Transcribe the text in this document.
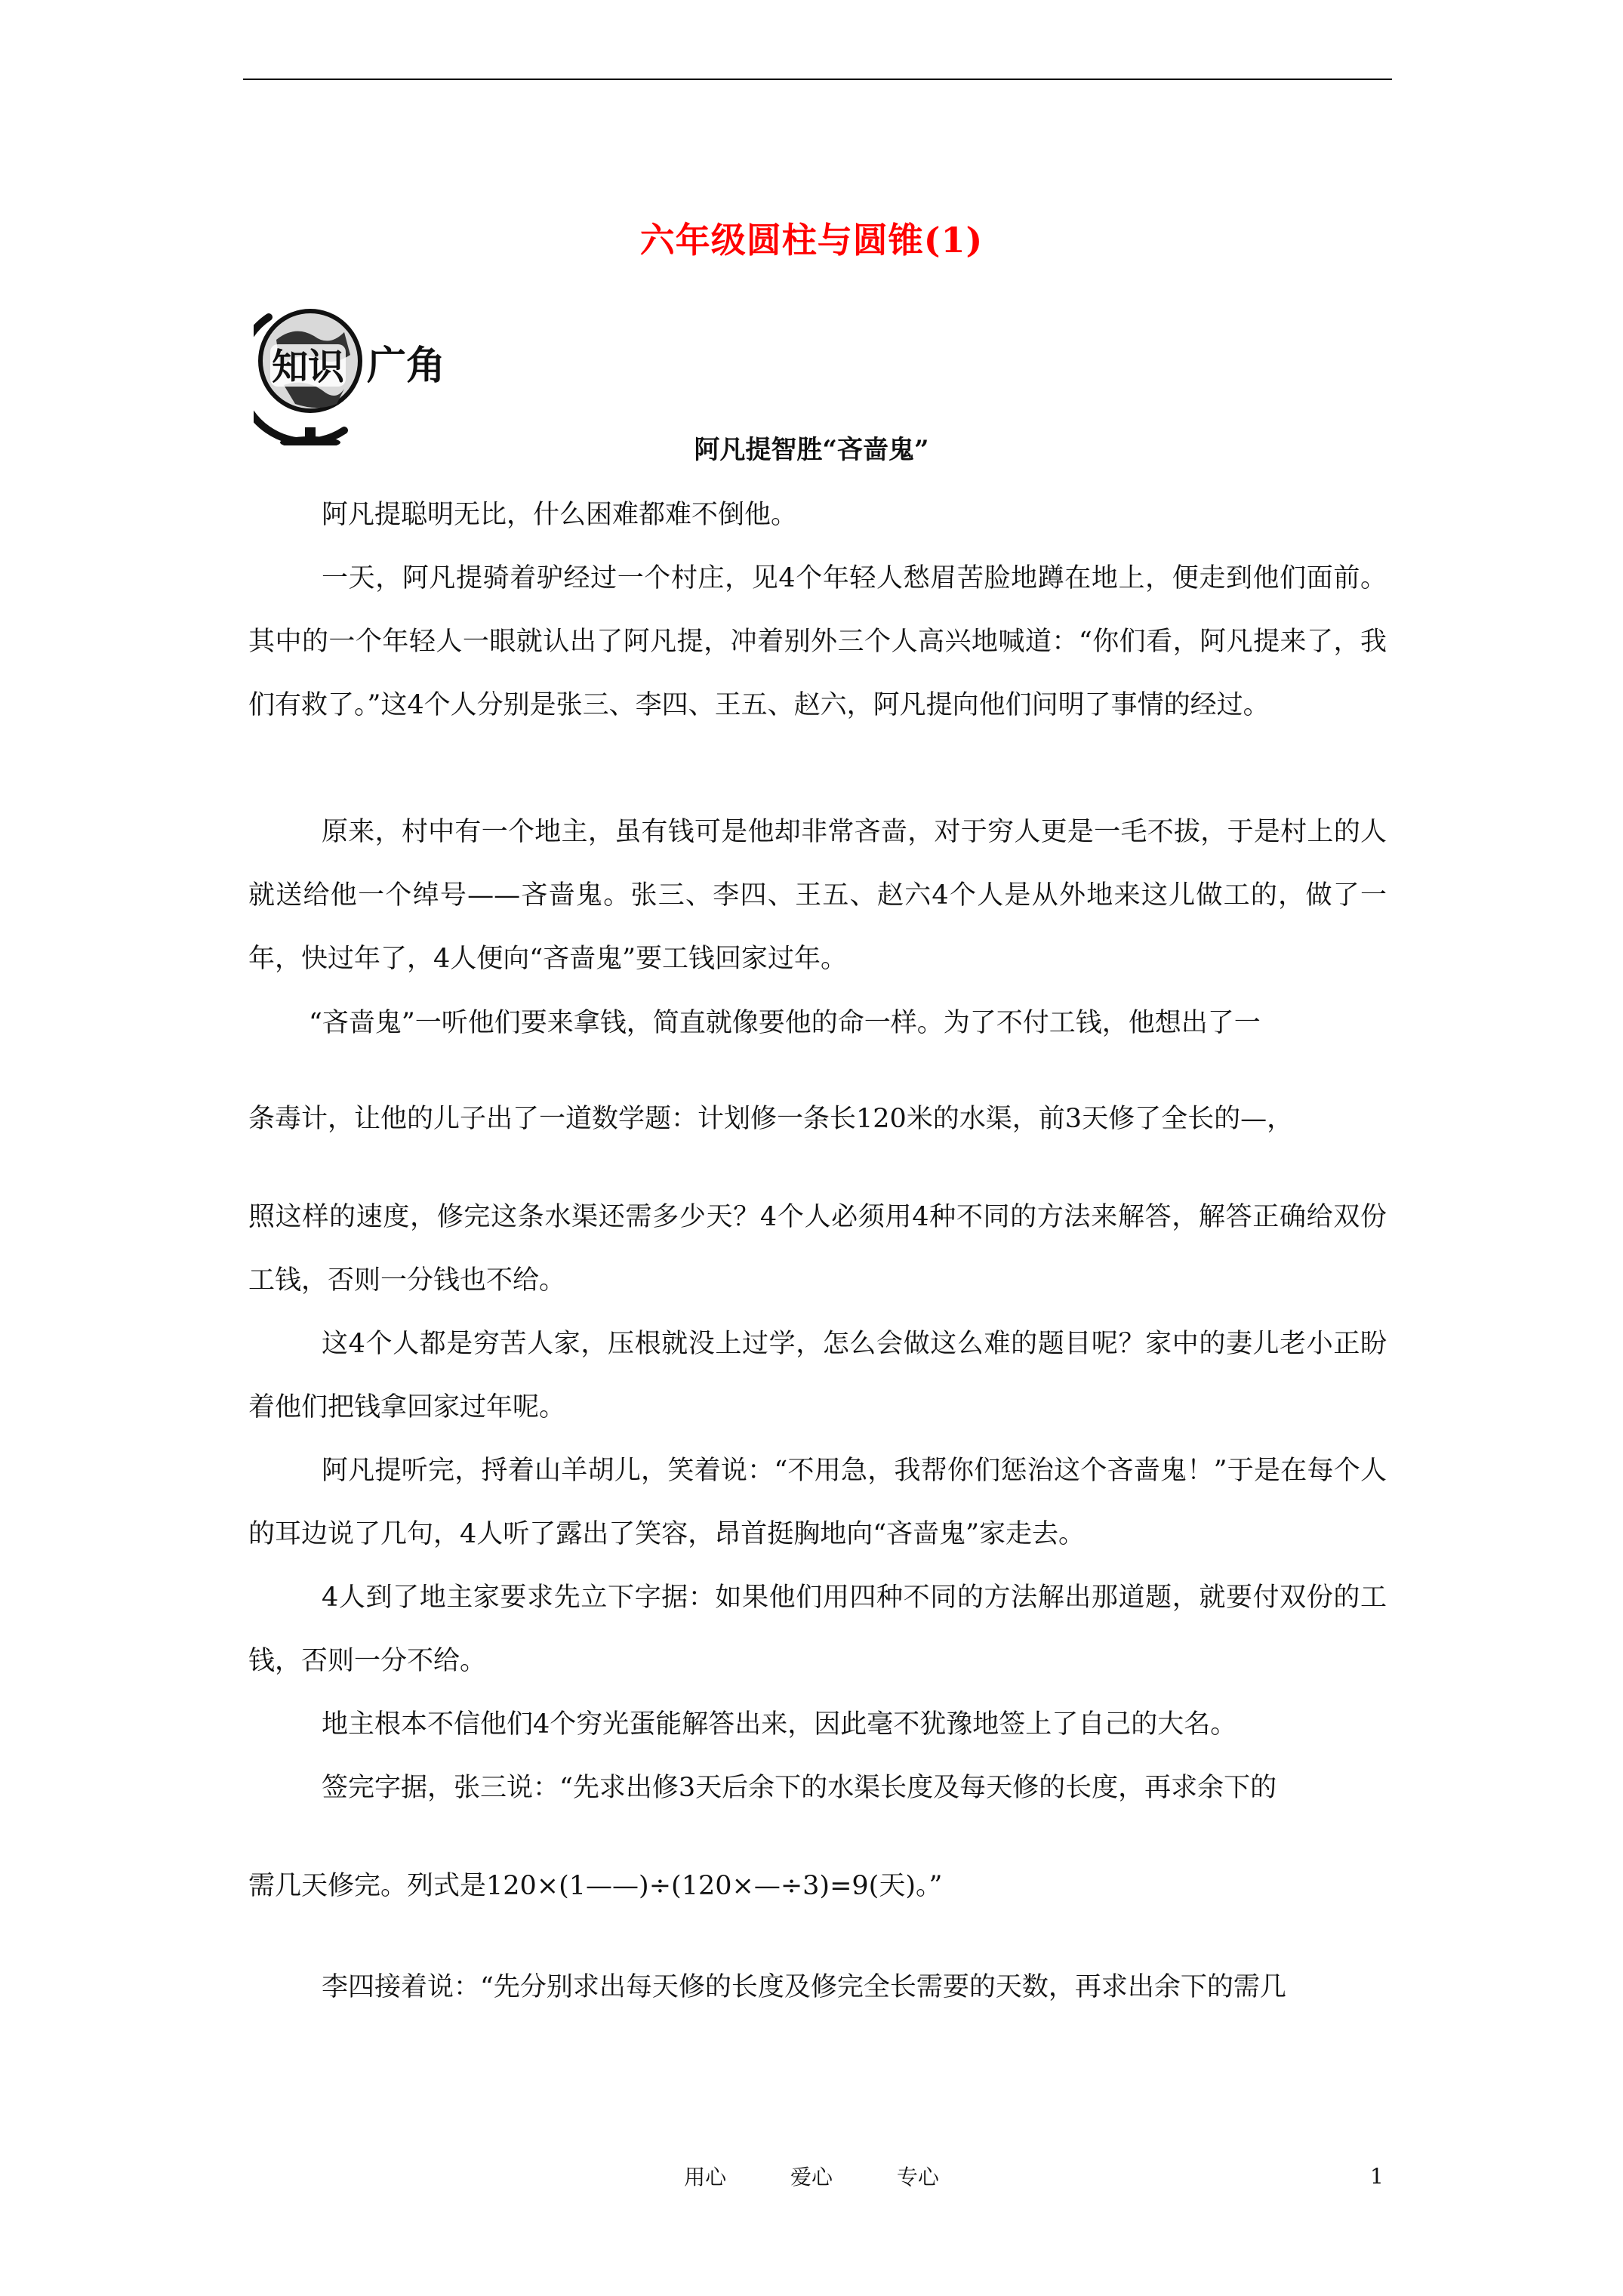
六年级圆柱与圆锥(1)
知识 广角
阿凡提智胜“吝啬鬼”

阿凡提聪明无比，什么困难都难不倒他。

一天，阿凡提骑着驴经过一个村庄，见4个年轻人愁眉苦脸地蹲在地上，便走到他们面前。其中的一个年轻人一眼就认出了阿凡提，冲着别外三个人高兴地喊道：“你们看，阿凡提来了，我们有救了。”这4个人分别是张三、李四、王五、赵六，阿凡提向他们问明了事情的经过。

原来，村中有一个地主，虽有钱可是他却非常吝啬，对于穷人更是一毛不拔，于是村上的人就送给他一个绰号——吝啬鬼。张三、李四、王五、赵六4个人是从外地来这儿做工的，做了一年，快过年了，4人便向“吝啬鬼”要工钱回家过年。

“吝啬鬼”一听他们要来拿钱，简直就像要他的命一样。为了不付工钱，他想出了一

条毒计，让他的儿子出了一道数学题：计划修一条长120米的水渠，前3天修了全长的—，

照这样的速度，修完这条水渠还需多少天？4个人必须用4种不同的方法来解答，解答正确给双份工钱，否则一分钱也不给。

这4个人都是穷苦人家，压根就没上过学，怎么会做这么难的题目呢？家中的妻儿老小正盼着他们把钱拿回家过年呢。

阿凡提听完，捋着山羊胡儿，笑着说：“不用急，我帮你们惩治这个吝啬鬼！”于是在每个人的耳边说了几句，4人听了露出了笑容，昂首挺胸地向“吝啬鬼”家走去。

4人到了地主家要求先立下字据：如果他们用四种不同的方法解出那道题，就要付双份的工钱，否则一分不给。

地主根本不信他们4个穷光蛋能解答出来，因此毫不犹豫地签上了自己的大名。

签完字据，张三说：“先求出修3天后余下的水渠长度及每天修的长度，再求余下的

需几天修完。列式是120×(1——)÷(120×—÷3)=9(天)。”

李四接着说：“先分别求出每天修的长度及修完全长需要的天数，再求出余下的需几

用心	爱心	专心	1
